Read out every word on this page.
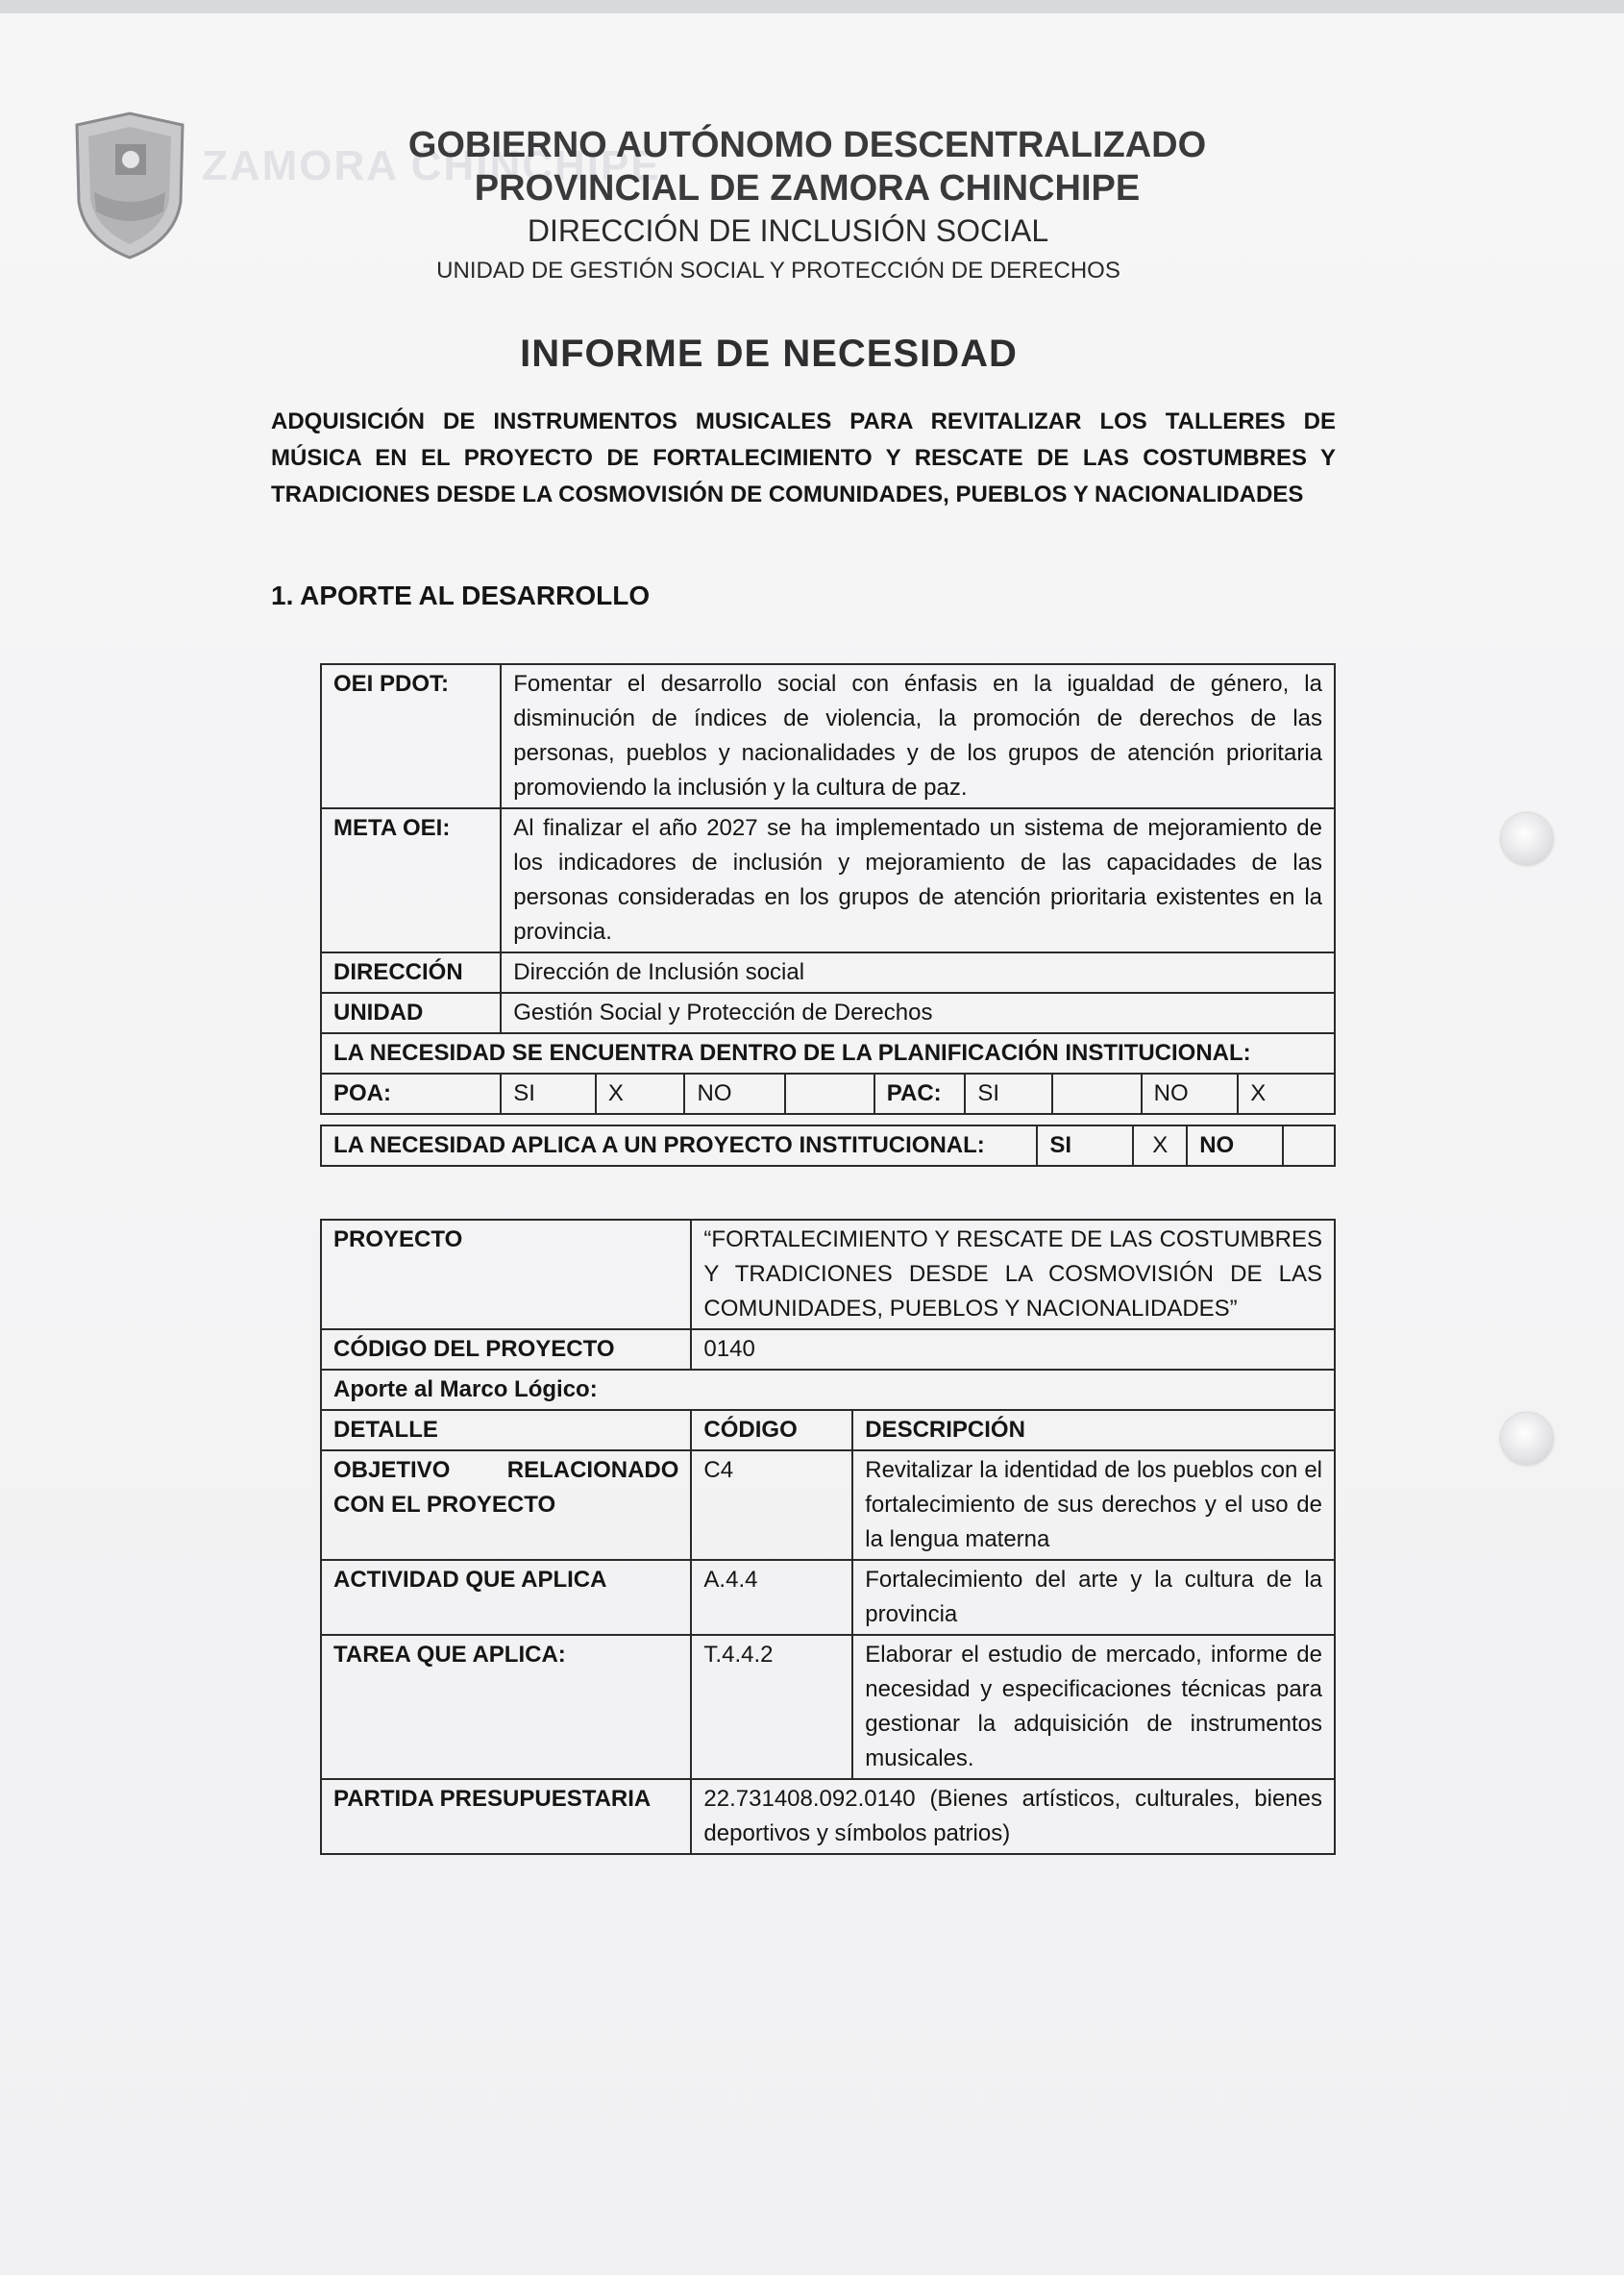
ZAMORA CHINCHIPE
GOBIERNO AUTÓNOMO DESCENTRALIZADO
PROVINCIAL DE ZAMORA CHINCHIPE
DIRECCIÓN DE INCLUSIÓN SOCIAL
UNIDAD DE GESTIÓN SOCIAL Y PROTECCIÓN DE DERECHOS
INFORME DE NECESIDAD
ADQUISICIÓN DE INSTRUMENTOS MUSICALES PARA REVITALIZAR LOS TALLERES DE MÚSICA EN EL PROYECTO DE FORTALECIMIENTO Y RESCATE DE LAS COSTUMBRES Y TRADICIONES DESDE LA COSMOVISIÓN DE COMUNIDADES, PUEBLOS Y NACIONALIDADES
1. APORTE AL DESARROLLO
OEI PDOT:	Fomentar el desarrollo social con énfasis en la igualdad de género, la disminución de índices de violencia, la promoción de derechos de las personas, pueblos y nacionalidades y de los grupos de atención prioritaria promoviendo la inclusión y la cultura de paz.								
META OEI:	Al finalizar el año 2027 se ha implementado un sistema de mejoramiento de los indicadores de inclusión y mejoramiento de las capacidades de las personas consideradas en los grupos de atención prioritaria existentes en la provincia.								
DIRECCIÓN	Dirección de Inclusión social								
UNIDAD	Gestión Social y Protección de Derechos								
LA NECESIDAD SE ENCUENTRA DENTRO DE LA PLANIFICACIÓN INSTITUCIONAL:									
POA:	SI	X	NO		PAC:	SI		NO	X
LA NECESIDAD APLICA A UN PROYECTO INSTITUCIONAL:	SI	X	NO	
PROYECTO	“FORTALECIMIENTO Y RESCATE DE LAS COSTUMBRES Y TRADICIONES DESDE LA COSMOVISIÓN DE LAS COMUNIDADES, PUEBLOS Y NACIONALIDADES”	
CÓDIGO DEL PROYECTO	0140	
Aporte al Marco Lógico:		
DETALLE	CÓDIGO	DESCRIPCIÓN
OBJETIVO RELACIONADO CON EL PROYECTO	C4	Revitalizar la identidad de los pueblos con el fortalecimiento de sus derechos y el uso de la lengua materna
ACTIVIDAD QUE APLICA	A.4.4	Fortalecimiento del arte y la cultura de la provincia
TAREA QUE APLICA:	T.4.4.2	Elaborar el estudio de mercado, informe de necesidad y especificaciones técnicas para gestionar la adquisición de instrumentos musicales.
PARTIDA PRESUPUESTARIA	22.731408.092.0140 (Bienes artísticos, culturales, bienes deportivos y símbolos patrios)	
